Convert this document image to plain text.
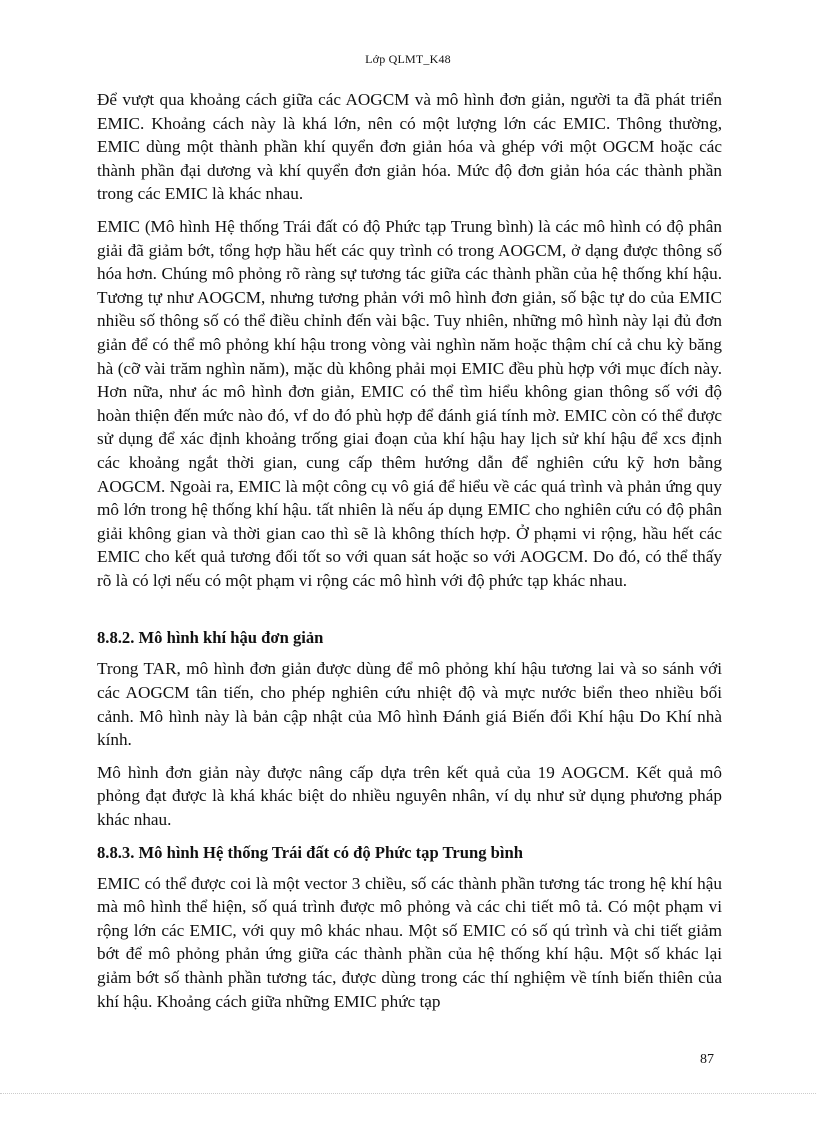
Lớp QLMT_K48

Để vượt qua khoảng cách giữa các AOGCM và mô hình đơn giản, người ta đã phát triển EMIC. Khoảng cách này là khá lớn, nên có một lượng lớn các EMIC. Thông thường, EMIC dùng một thành phần khí quyển đơn giản hóa và ghép với một OGCM hoặc các thành phần đại dương và khí quyển đơn giản hóa. Mức độ đơn giản hóa các thành phần trong các EMIC là khác nhau.

EMIC (Mô hình Hệ thống Trái đất có độ Phức tạp Trung bình) là các mô hình có độ phân giải đã giảm bớt, tổng hợp hầu hết các quy trình có trong AOGCM, ở dạng được thông số hóa hơn. Chúng mô phỏng rõ ràng sự tương tác giữa các thành phần của hệ thống khí hậu. Tương tự như AOGCM, nhưng tương phản với mô hình đơn giản, số bậc tự do của EMIC nhiều số thông số có thể điều chỉnh đến vài bậc. Tuy nhiên, những mô hình này lại đủ đơn giản để có thể mô phỏng khí hậu trong vòng vài nghìn năm hoặc thậm chí cả chu kỳ băng hà (cỡ vài trăm nghìn năm), mặc dù không phải mọi EMIC đều phù hợp với mục đích này. Hơn nữa, như ác mô hình đơn giản, EMIC có thể tìm hiểu không gian thông số với độ hoàn thiện đến mức nào đó, vf do đó phù hợp để đánh giá tính mờ. EMIC còn có thể được sử dụng để xác định khoảng trống giai đoạn của khí hậu hay lịch sử khí hậu để xcs định các khoảng ngắt thời gian, cung cấp thêm hướng dẫn để nghiên cứu kỹ hơn bằng AOGCM. Ngoài ra, EMIC là một công cụ vô giá để hiểu về các quá trình và phản ứng quy mô lớn trong hệ thống khí hậu. tất nhiên là nếu áp dụng EMIC cho nghiên cứu có độ phân giải không gian và thời gian cao thì sẽ là không thích hợp. Ở phạmi vi rộng, hầu hết các EMIC cho kết quả tương đối tốt so với quan sát hoặc so với AOGCM. Do đó, có thể thấy rõ là có lợi nếu có một phạm vi rộng các mô hình với độ phức tạp khác nhau.

8.8.2. Mô hình khí hậu đơn giản

Trong TAR, mô hình đơn giản được dùng để mô phỏng khí hậu tương lai và so sánh với các AOGCM tân tiến, cho phép nghiên cứu nhiệt độ và mực nước biển theo nhiều bối cảnh. Mô hình này là bản cập nhật của Mô hình Đánh giá Biến đổi Khí hậu Do Khí nhà kính.

Mô hình đơn giản này được nâng cấp dựa trên kết quả của 19 AOGCM. Kết quả mô phỏng đạt được là khá khác biệt do nhiều nguyên nhân, ví dụ như sử dụng phương pháp khác nhau.

8.8.3. Mô hình Hệ thống Trái đất có độ Phức tạp Trung bình

EMIC có thể được coi là một vector 3 chiều, số các thành phần tương tác trong hệ khí hậu mà mô hình thể hiện, số quá trình được mô phỏng và các chi tiết mô tả. Có một phạm vi rộng lớn các EMIC, với quy mô khác nhau. Một số EMIC có số qú trình và chi tiết giảm bớt để mô phỏng phản ứng giữa các thành phần của hệ thống khí hậu. Một số khác lại giảm bớt số thành phần tương tác, được dùng trong các thí nghiệm về tính biến thiên của khí hậu. Khoảng cách giữa những EMIC phức tạp

87
